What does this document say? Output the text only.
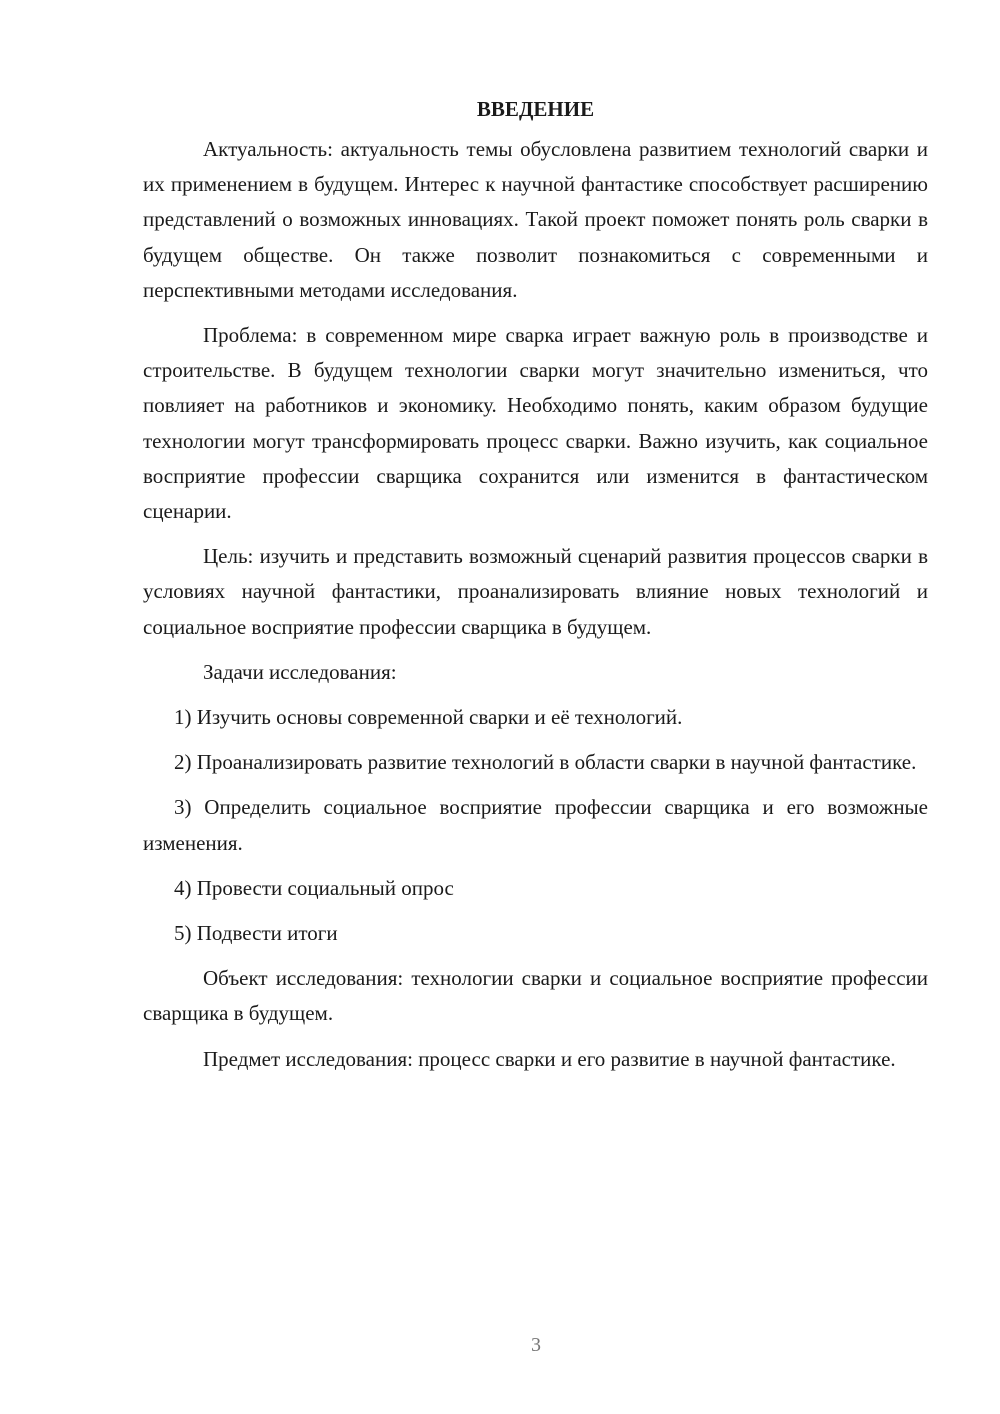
ВВЕДЕНИЕ

Актуальность: актуальность темы обусловлена развитием технологий сварки и их применением в будущем. Интерес к научной фантастике способствует расширению представлений о возможных инновациях. Такой проект поможет понять роль сварки в будущем обществе. Он также позволит познакомиться с современными и перспективными методами исследования.

Проблема: в современном мире сварка играет важную роль в производстве и строительстве. В будущем технологии сварки могут значительно измениться, что повлияет на работников и экономику. Необходимо понять, каким образом будущие технологии могут трансформировать процесс сварки. Важно изучить, как социальное восприятие профессии сварщика сохранится или изменится в фантастическом сценарии.

Цель: изучить и представить возможный сценарий развития процессов сварки в условиях научной фантастики, проанализировать влияние новых технологий и социальное восприятие профессии сварщика в будущем.

Задачи исследования:

1) Изучить основы современной сварки и её технологий.

2) Проанализировать развитие технологий в области сварки в научной фантастике.

3) Определить социальное восприятие профессии сварщика и его возможные изменения.

4) Провести социальный опрос

5) Подвести итоги

Объект исследования: технологии сварки и социальное восприятие профессии сварщика в будущем.

Предмет исследования: процесс сварки и его развитие в научной фантастике.

3
